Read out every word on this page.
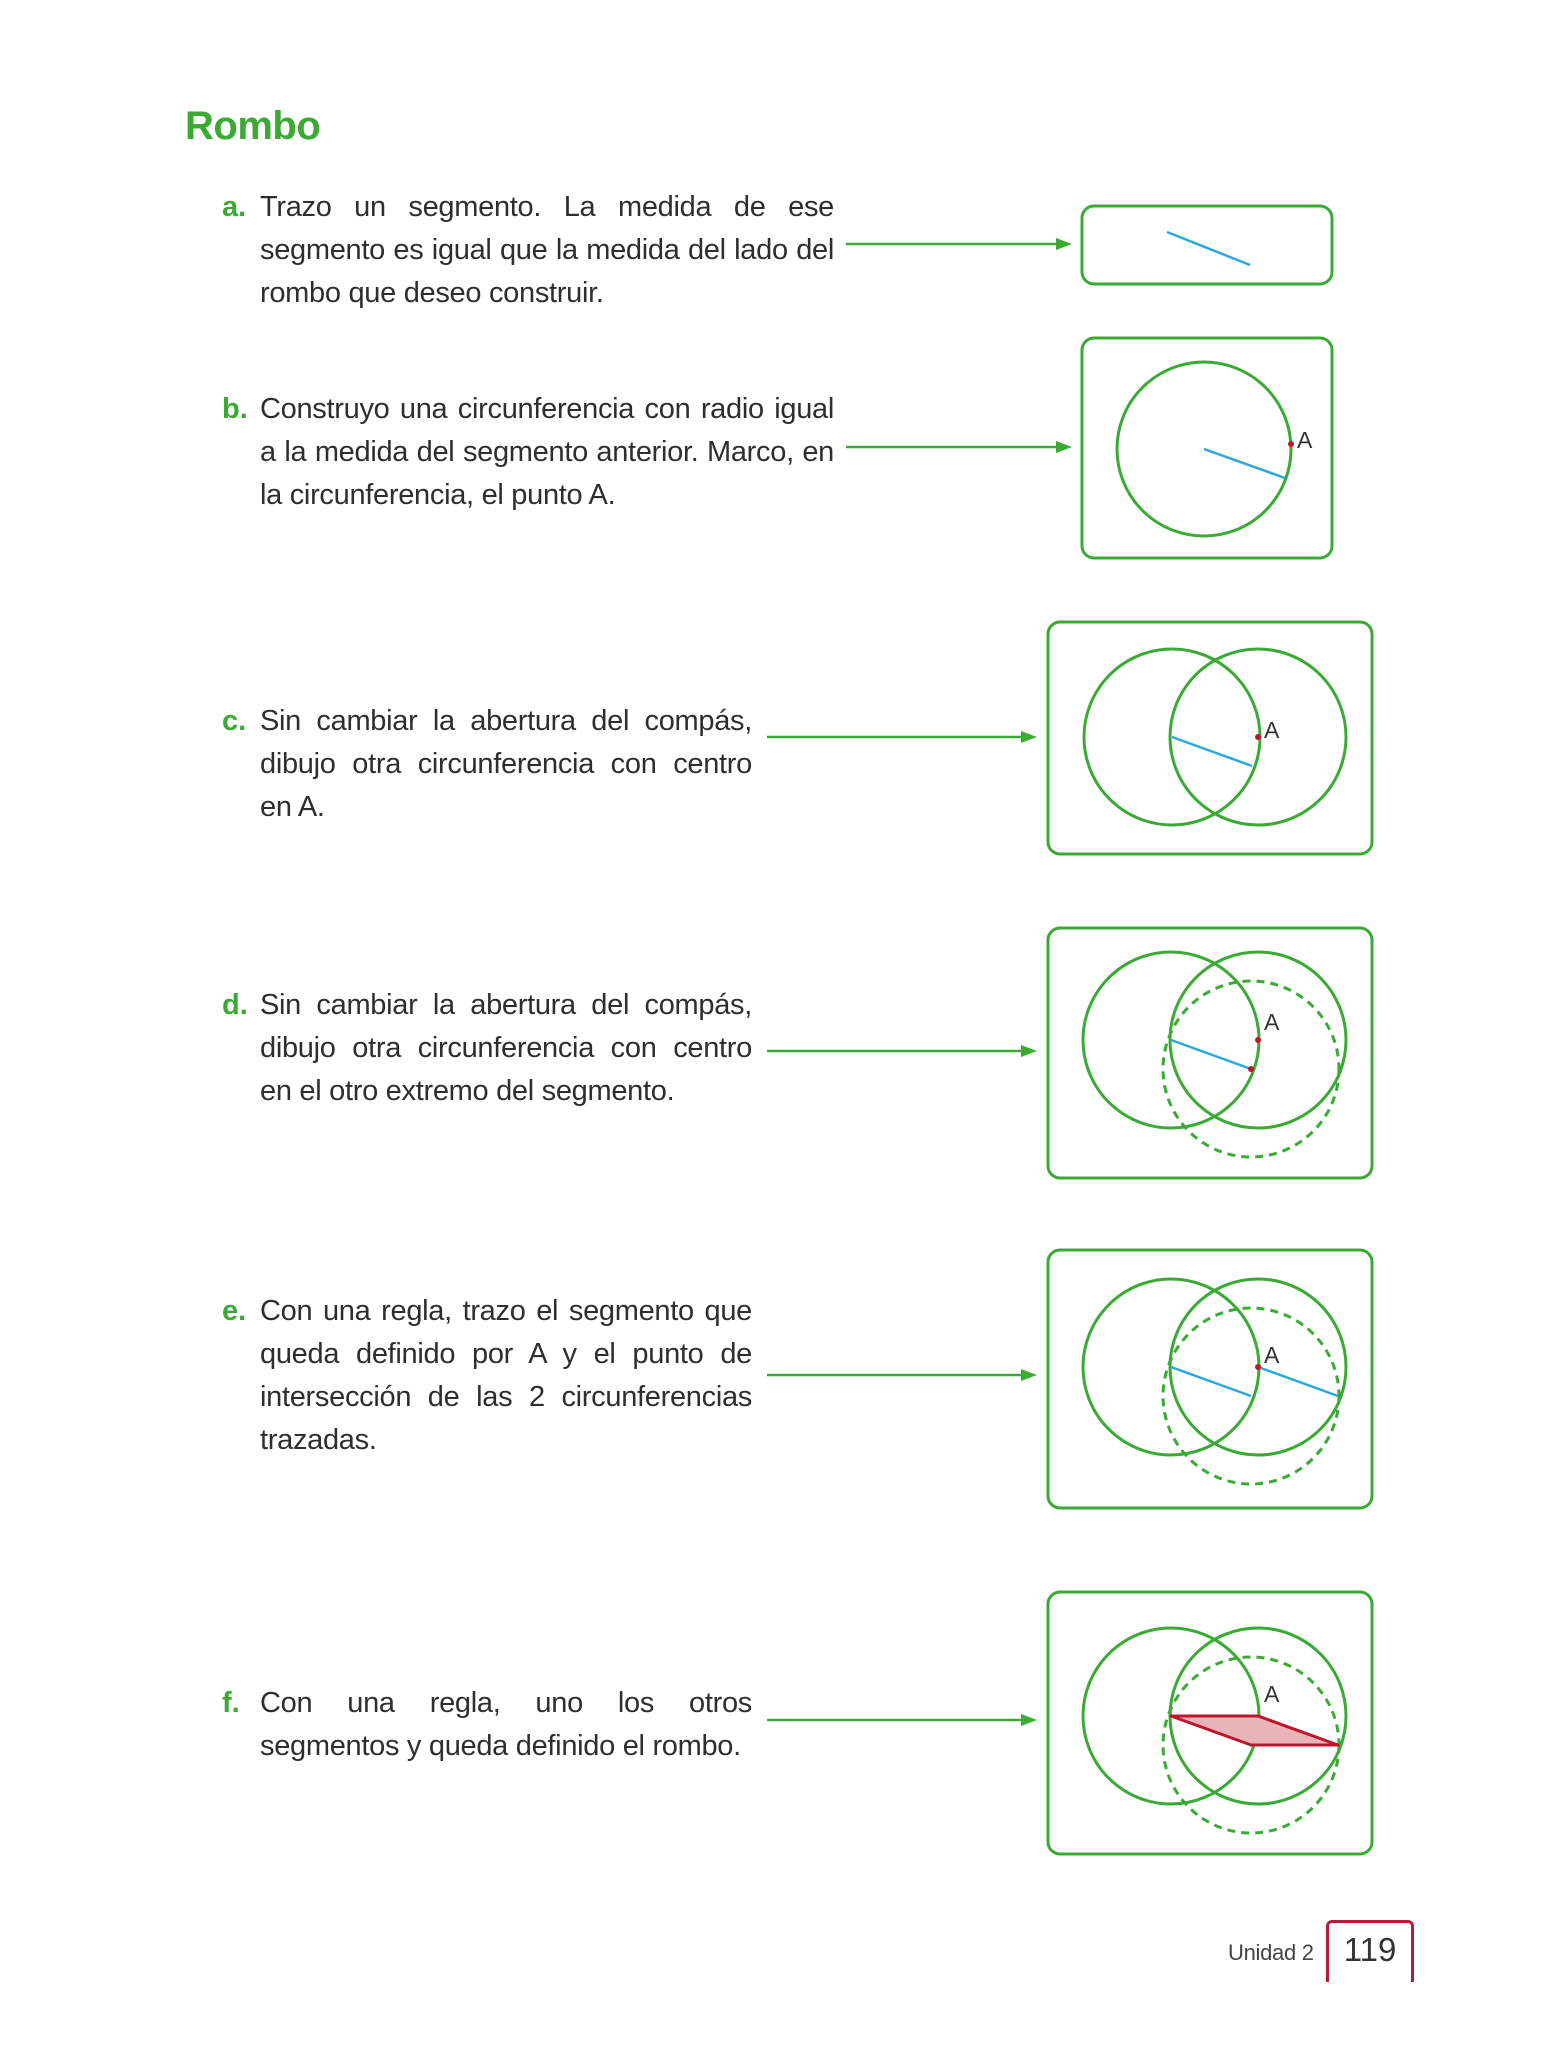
Rombo
a. Trazo un segmento. La medida de ese segmento es igual que la medida del lado del rombo que deseo construir.
b. Construyo una circunferencia con radio igual a la medida del segmento anterior. Marco, en la circunferencia, el punto A.
A
c. Sin cambiar la abertura del compás, dibujo otra circunferencia con centro en A.
A
d. Sin cambiar la abertura del compás, dibujo otra circunferencia con centro en el otro extremo del segmento.
A
e. Con una regla, trazo el segmento que queda definido por A y el punto de intersección de las 2 circunferencias trazadas.
A
f. Con una regla, uno los otros segmentos y queda definido el rombo.
A
Unidad 2 119
